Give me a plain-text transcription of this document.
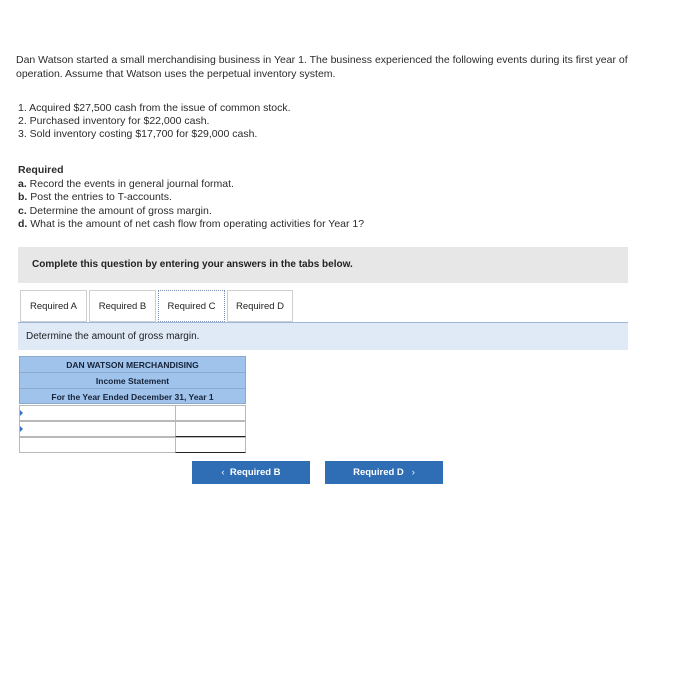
Dan Watson started a small merchandising business in Year 1. The business experienced the following events during its first year of operation. Assume that Watson uses the perpetual inventory system.
1. Acquired $27,500 cash from the issue of common stock.
2. Purchased inventory for $22,000 cash.
3. Sold inventory costing $17,700 for $29,000 cash.
Required
a. Record the events in general journal format.
b. Post the entries to T-accounts.
c. Determine the amount of gross margin.
d. What is the amount of net cash flow from operating activities for Year 1?
Complete this question by entering your answers in the tabs below.
Required A	Required B	Required C	Required D
Determine the amount of gross margin.
DAN WATSON MERCHANDISING
Income Statement
For the Year Ended December 31, Year 1
‹ Required B	Required D ›
